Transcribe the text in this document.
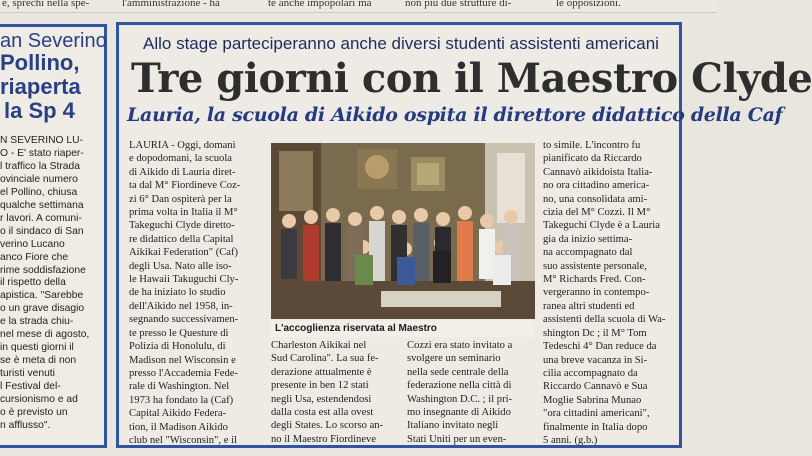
e, sprechi nella spe-	l'amministrazione - ha	te anche impopolari ma	non più due strutture di-	le opposizioni.
an Severino
Pollino,
riaperta
la Sp 4
N SEVERINO LU-
O - E' stato riaper-
l traffico la Strada
ovinciale numero
el Pollino, chiusa
qualche settimana
r lavori. A comuni-
o il sindaco di San
verino Lucano
anco Fiore che
rime soddisfazione
il rispetto della
apistica. "Sarebbe
o un grave disagio
e la strada chiu-
nel mese di agosto,
in questi giorni il
se è meta di non
turisti venuti
l Festival del-
cursionismo e ad
o è previsto un
n afflusso".
Allo stage parteciperanno anche diversi studenti assistenti americani
Tre giorni con il Maestro Clyde
Lauria, la scuola di Aikido ospita il direttore didattico della Caf
LAURIA - Oggi, domani
e dopodomani, la scuola
di Aikido di Lauria diret-
ta dal M° Fiordineve Coz-
zi 6° Dan ospiterà per la
prima volta in Italia il M°
Takeguchi Clyde diretto-
re didattico della Capital
Aikikai Federation" (Caf)
degli Usa. Nato alle iso-
le Hawaii Takuguchi Cly-
de ha iniziato lo studio
dell'Aikido nel 1958, in-
segnando successivamen-
te presso le Questure di
Polizia di Honolulu, di
Madison nel Wisconsin e
presso l'Accademia Fede-
rale di Washington. Nel
1973 ha fondato la (Caf)
Capital Aikido Federa-
tion, il Madison Aikido
club nel "Wisconsin", e il
L'accoglienza riservata al Maestro
Charleston Aikikai nel
Sud Carolina". La sua fe-
derazione attualmente è
presente in ben 12 stati
negli Usa, estendendosi
dalla costa est alla ovest
degli States. Lo scorso an-
no il Maestro Fiordineve
Cozzi era stato invitato a
svolgere un seminario
nella sede centrale della
federazione nella città di
Washington D.C. ; il pri-
mo insegnante di Aikido
Italiano invitato negli
Stati Uniti per un even-
to simile. L'incontro fu
pianificato da Riccardo
Cannavò aikidoista Italia-
no ora cittadino america-
no, una consolidata ami-
cizia del M° Cozzi. Il M°
Takeguchi Clyde è a Lauria
gia da inizio settima-
na accompagnato dal
suo assistente personale,
M° Richards Fred. Con-
vergeranno in contempo-
ranea altri studenti ed
assistenti della scuola di Wa-
shington Dc ; il M° Tom
Tedeschi 4° Dan reduce da
una breve vacanza in Si-
cilia accompagnato da
Riccardo Cannavò e Sua
Moglie Sabrina Munao
"ora cittadini americani",
finalmente in Italia dopo
5 anni. (g.b.)
